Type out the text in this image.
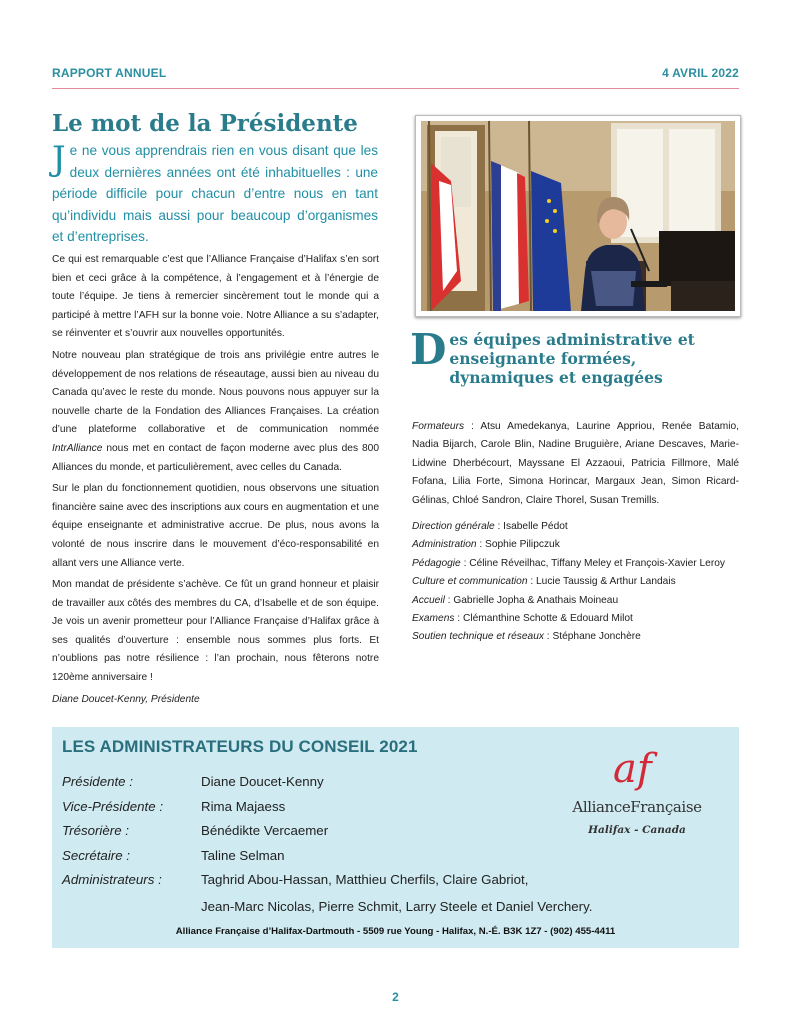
RAPPORT ANNUEL	4 AVRIL 2022
Le mot de la Présidente

Je ne vous apprendrais rien en vous disant que les deux dernières années ont été inhabituelles : une période difficile pour chacun d’entre nous en tant qu’individu mais aussi pour beaucoup d’organismes et d’entreprises.

Ce qui est remarquable c’est que l’Alliance Française d’Halifax s’en sort bien et ceci grâce à la compétence, à l’engagement et à l’énergie de toute l’équipe. Je tiens à remercier sincèrement tout le monde qui a participé à mettre l’AFH sur la bonne voie. Notre Alliance a su s’adapter, se réinventer et s’ouvrir aux nouvelles opportunités.

Notre nouveau plan stratégique de trois ans privilégie entre autres le développement de nos relations de réseautage, aussi bien au niveau du Canada qu’avec le reste du monde. Nous pouvons nous appuyer sur la nouvelle charte de la Fondation des Alliances Françaises. La création d’une plateforme collaborative et de communication nommée IntrAlliance nous met en contact de façon moderne avec plus des 800 Alliances du monde, et particulièrement, avec celles du Canada.

Sur le plan du fonctionnement quotidien, nous observons une situation financière saine avec des inscriptions aux cours en augmentation et une équipe enseignante et administrative accrue. De plus, nous avons la volonté de nous inscrire dans le mouvement d’éco-responsabilité en allant vers une Alliance verte.

Mon mandat de présidente s’achève. Ce fût un grand honneur et plaisir de travailler aux côtés des membres du CA, d’Isabelle et de son équipe. Je vois un avenir prometteur pour l’Alliance Française d’Halifax grâce à ses qualités d’ouverture : ensemble nous sommes plus forts. Et n’oublions pas notre résilience : l’an prochain, nous fêterons notre 120ème anniversaire !

Diane Doucet-Kenny, Présidente
Des équipes administrative et
enseignante formées,

dynamiques et engagées

Formateurs : Atsu Amedekanya, Laurine Appriou, Renée Batamio, Nadia Bijarch, Carole Blin, Nadine Bruguière, Ariane Descaves, Marie-Lidwine Dherbécourt, Mayssane El Azzaoui, Patricia Fillmore, Malé Fofana, Lilia Forte, Simona Horincar, Margaux Jean, Simon Ricard-Gélinas, Chloé Sandron, Claire Thorel, Susan Tremills.

Direction générale : Isabelle Pédot
Administration : Sophie Pilipczuk
Pédagogie : Céline Réveilhac, Tiffany Meley et François-Xavier Leroy
Culture et communication : Lucie Taussig & Arthur Landais
Accueil : Gabrielle Jopha & Anathais Moineau
Examens : Clémanthine Schotte & Edouard Milot
Soutien technique et réseaux : Stéphane Jonchère
LES ADMINISTRATEURS DU CONSEIL 2021
Présidente :	Diane Doucet-Kenny
Vice-Présidente :	Rima Majaess
Trésorière :	Bénédikte Vercaemer
Secrétaire :	Taline Selman
Administrateurs :	Taghrid Abou-Hassan, Matthieu Cherfils, Claire Gabriot,
Jean-Marc Nicolas, Pierre Schmit, Larry Steele et Daniel Verchery.
af
AllianceFrançaise
Halifax - Canada
Alliance Française d’Halifax-Dartmouth - 5509 rue Young - Halifax, N.-É. B3K 1Z7 - (902) 455-4411
2
